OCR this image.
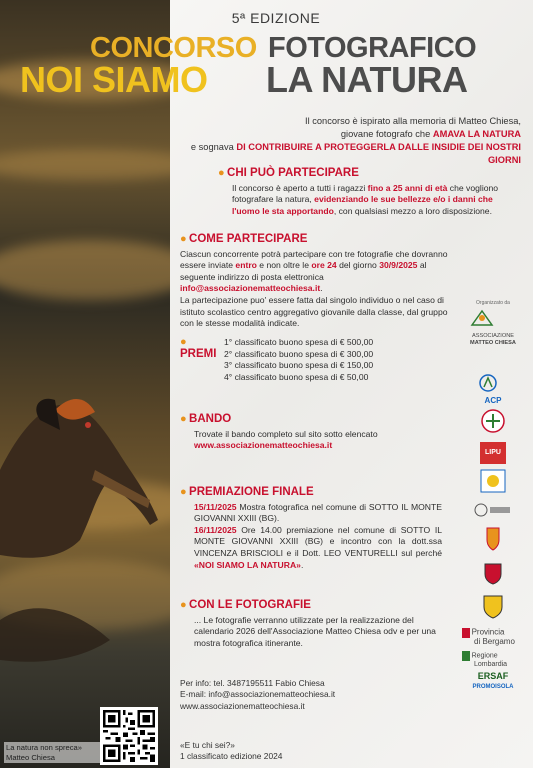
5ª EDIZIONE
CONCORSO FOTOGRAFICO
NOI SIAMO LA NATURA
Il concorso è ispirato alla memoria di Matteo Chiesa,
giovane fotografo che AMAVA LA NATURA
e sognava DI CONTRIBUIRE A PROTEGGERLA DALLE INSIDIE DEI NOSTRI GIORNI
● CHI PUÒ PARTECIPARE
Il concorso è aperto a tutti i ragazzi fino a 25 anni di età che vogliono fotografare la natura, evidenziando le sue bellezze e/o i danni che l'uomo le sta apportando, con qualsiasi mezzo a loro disposizione.
● COME PARTECIPARE
Ciascun concorrente potrà partecipare con tre fotografie che dovranno essere inviate entro e non oltre le ore 24 del giorno 30/9/2025 al seguente indirizzo di posta elettronica info@associazionematteochiesa.it.
La partecipazione puo' essere fatta dal singolo individuo o nel caso di istituto scolastico centro aggregativo giovanile dalla classe, dal gruppo con le stesse modalità indicate.
● PREMI
1° classificato buono spesa di € 500,00
2° classificato buono spesa di € 300,00
3° classificato buono spesa di € 150,00
4° classificato buono spesa di € 50,00
● BANDO
Trovate il bando completo sul sito sotto elencato
www.associazionematteochiesa.it
● PREMIAZIONE FINALE
15/11/2025 Mostra fotografica nel comune di SOTTO IL MONTE GIOVANNI XXIII (BG).
16/11/2025 Ore 14.00 premiazione nel comune di SOTTO IL MONTE GIOVANNI XXIII (BG) e incontro con la dott.ssa VINCENZA BRISCIOLI e il Dott. LEO VENTURELLI sul perché «NOI SIAMO LA NATURA».
● CON LE FOTOGRAFIE
... Le fotografie verranno utilizzate per la realizzazione del calendario 2026 dell'Associazione Matteo Chiesa odv e per una mostra fotografica itinerante.
Per info: tel. 3487195511 Fabio Chiesa
E-mail: info@associazionematteochiesa.it
www.associazionematteochiesa.it
«E tu chi sei?»
1 classificato edizione 2024
La natura non spreca»
Matteo Chiesa
Organizzato da
ASSOCIAZIONE
MATTEO CHIESA
ACP
LIPU
Provincia
di Bergamo
Regione
Lombardia
ERSAF
PROMOISOLA
